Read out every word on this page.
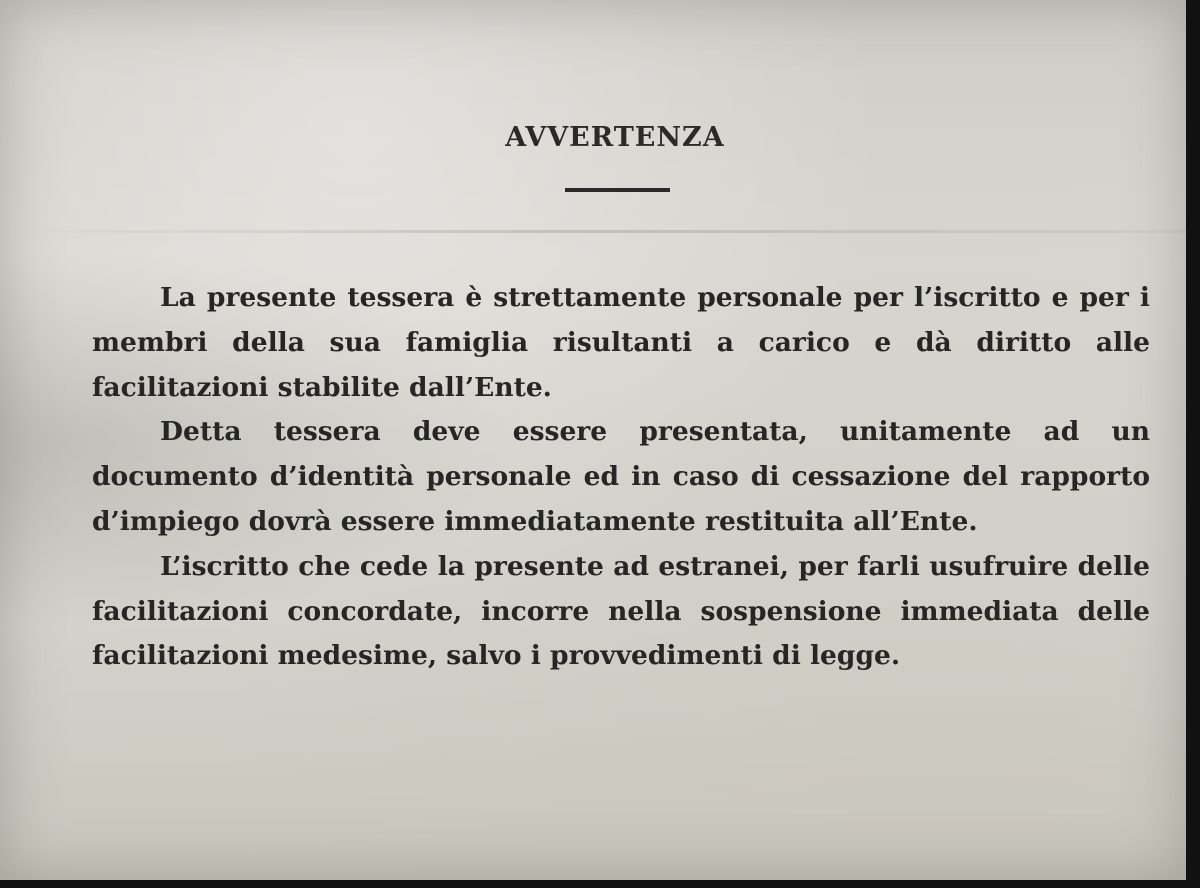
AVVERTENZA

La presente tessera è strettamente personale per l’iscritto e per i membri della sua famiglia risultanti a carico e dà diritto alle facilitazioni stabilite dall’Ente.

Detta tessera deve essere presentata, unitamente ad un documento d’identità personale ed in caso di cessazione del rapporto d’impiego dovrà essere immediatamente restituita all’Ente.

L’iscritto che cede la presente ad estranei, per farli usufruire delle facilitazioni concordate, incorre nella sospensione immediata delle facilitazioni medesime, salvo i provvedimenti di legge.
